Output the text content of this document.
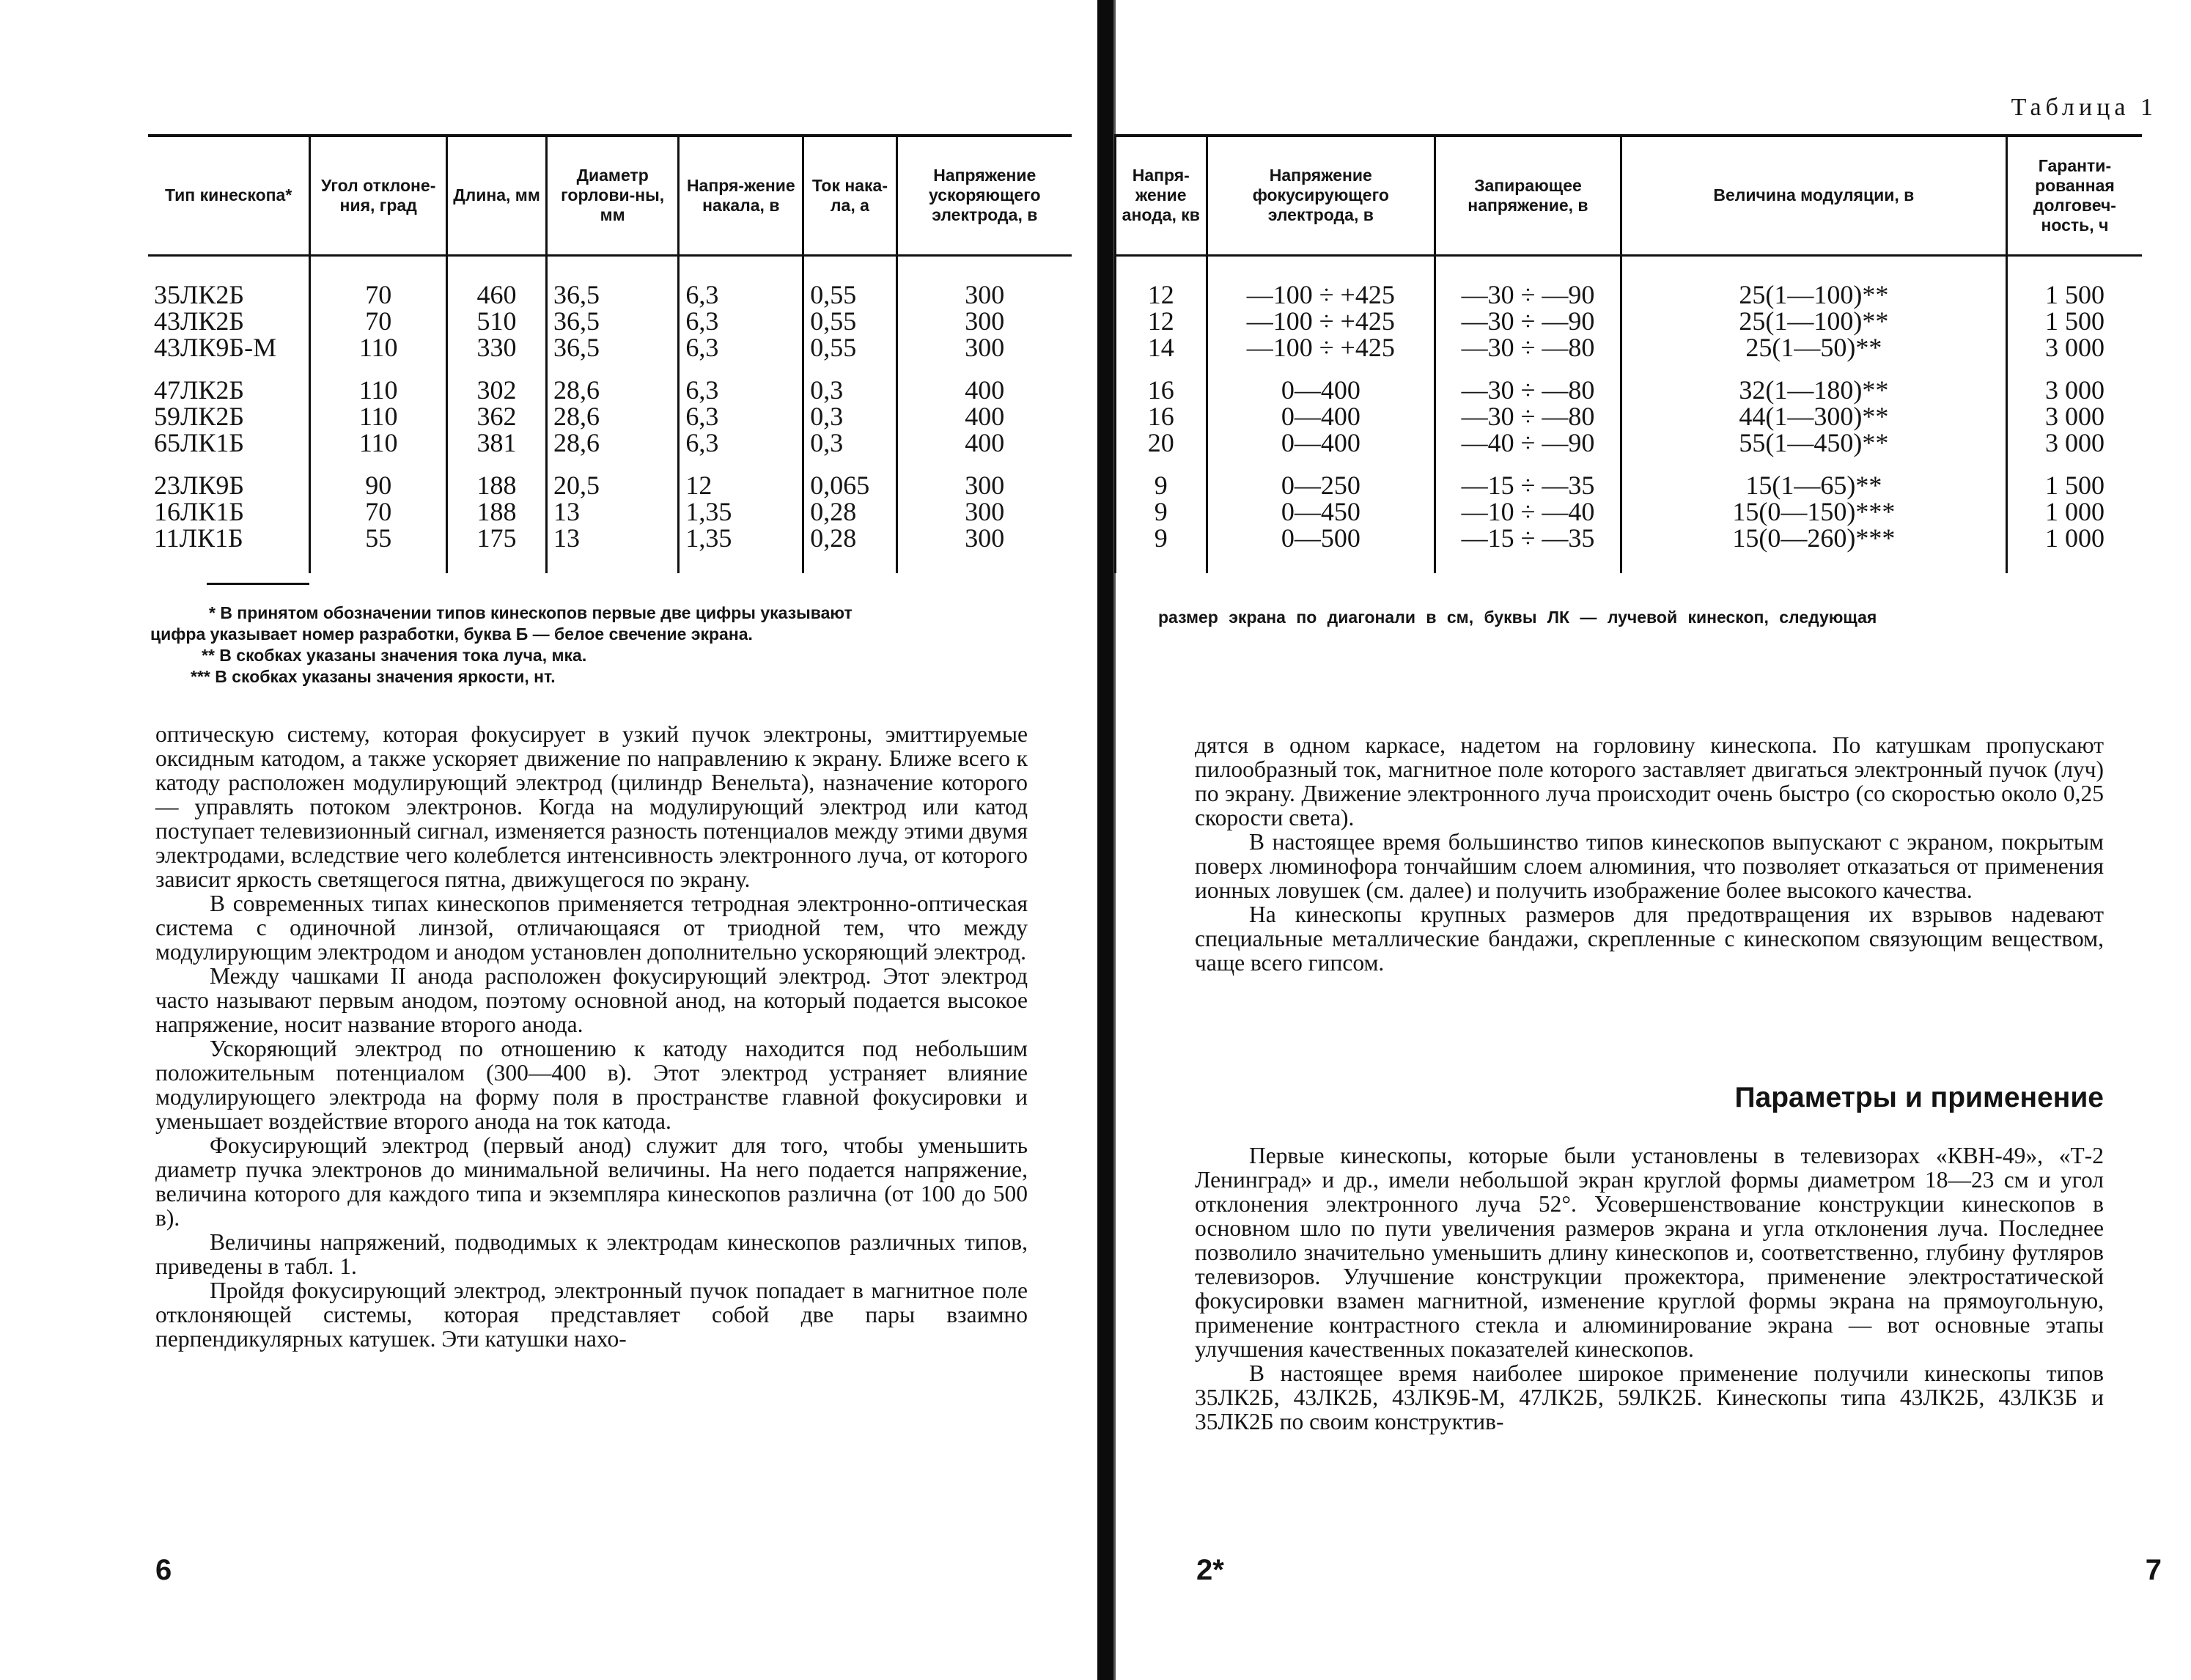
Тип кинескопа*	Угол отклоне-ния, град	Длина, мм	Диаметр горлови-ны, мм	Напря-жение накала, в	Ток нака-ла, а	Напряжение ускоряющего электрода, в
35ЛК2Б	70	460	36,5	6,3	0,55	300
43ЛК2Б	70	510	36,5	6,3	0,55	300
43ЛК9Б-М	110	330	36,5	6,3	0,55	300

47ЛК2Б	110	302	28,6	6,3	0,3	400
59ЛК2Б	110	362	28,6	6,3	0,3	400
65ЛК1Б	110	381	28,6	6,3	0,3	400

23ЛК9Б	90	188	20,5	12	0,065	300
16ЛК1Б	70	188	13	1,35	0,28	300
11ЛК1Б	55	175	13	1,35	0,28	300

* В принятом обозначении типов кинескопов первые две цифры указывают

цифра указывает номер разработки, буква Б — белое свечение экрана.

** В скобках указаны значения тока луча, мка.

*** В скобках указаны значения яркости, нт.

оптическую систему, которая фокусирует в узкий пучок электроны, эмиттируемые оксидным катодом, а также ускоряет движение по направлению к экрану. Ближе всего к катоду расположен модулирующий электрод (цилиндр Венельта), назначение которого — управлять потоком электронов. Когда на модулирующий электрод или катод поступает телевизионный сигнал, изменяется разность потенциалов между этими двумя электродами, вследствие чего колеблется интенсивность электронного луча, от которого зависит яркость светящегося пятна, движущегося по экрану.

В современных типах кинескопов применяется тетродная электронно-оптическая система с одиночной линзой, отличающаяся от триодной тем, что между модулирующим электродом и анодом установлен дополнительно ускоряющий электрод.

Между чашками II анода расположен фокусирующий электрод. Этот электрод часто называют первым анодом, поэтому основной анод, на который подается высокое напряжение, носит название второго анода.

Ускоряющий электрод по отношению к катоду находится под небольшим положительным потенциалом (300—400 в). Этот электрод устраняет влияние модулирующего электрода на форму поля в пространстве главной фокусировки и уменьшает воздействие второго анода на ток катода.

Фокусирующий электрод (первый анод) служит для того, чтобы уменьшить диаметр пучка электронов до минимальной величины. На него подается напряжение, величина которого для каждого типа и экземпляра кинескопов различна (от 100 до 500 в).

Величины напряжений, подводимых к электродам кинескопов различных типов, приведены в табл. 1.

Пройдя фокусирующий электрод, электронный пучок попадает в магнитное поле отклоняющей системы, которая представляет собой две пары взаимно перпендикулярных катушек. Эти катушки нахо-

6
Таблица 1
Напря-жение анода, кв	Напряжение фокусирующего электрода, в	Запирающее напряжение, в	Величина модуляции, в	Гаранти-рованная долговеч-ность, ч
12	—100 ÷ +425	—30 ÷ —90	25(1—100)**	1 500
12	—100 ÷ +425	—30 ÷ —90	25(1—100)**	1 500
14	—100 ÷ +425	—30 ÷ —80	25(1—50)**	3 000

16	0—400	—30 ÷ —80	32(1—180)**	3 000
16	0—400	—30 ÷ —80	44(1—300)**	3 000
20	0—400	—40 ÷ —90	55(1—450)**	3 000

9	0—250	—15 ÷ —35	15(1—65)**	1 500
9	0—450	—10 ÷ —40	15(0—150)***	1 000
9	0—500	—15 ÷ —35	15(0—260)***	1 000
размер экрана по диагонали в см, буквы ЛК — лучевой кинескоп, следующая

дятся в одном каркасе, надетом на горловину кинескопа. По катушкам пропускают пилообразный ток, магнитное поле которого заставляет двигаться электронный пучок (луч) по экрану. Движение электронного луча происходит очень быстро (со скоростью около 0,25 скорости света).

В настоящее время большинство типов кинескопов выпускают с экраном, покрытым поверх люминофора тончайшим слоем алюминия, что позволяет отказаться от применения ионных ловушек (см. далее) и получить изображение более высокого качества.

На кинескопы крупных размеров для предотвращения их взрывов надевают специальные металлические бандажи, скрепленные с кинескопом связующим веществом, чаще всего гипсом.

Параметры и применение

Первые кинескопы, которые были установлены в телевизорах «КВН-49», «Т-2 Ленинград» и др., имели небольшой экран круглой формы диаметром 18—23 см и угол отклонения электронного луча 52°. Усовершенствование конструкции кинескопов в основном шло по пути увеличения размеров экрана и угла отклонения луча. Последнее позволило значительно уменьшить длину кинескопов и, соответственно, глубину футляров телевизоров. Улучшение конструкции прожектора, применение электростатической фокусировки взамен магнитной, изменение круглой формы экрана на прямоугольную, применение контрастного стекла и алюминирование экрана — вот основные этапы улучшения качественных показателей кинескопов.

В настоящее время наиболее широкое применение получили кинескопы типов 35ЛК2Б, 43ЛК2Б, 43ЛК9Б-М, 47ЛК2Б, 59ЛК2Б. Кинескопы типа 43ЛК2Б, 43ЛК3Б и 35ЛК2Б по своим конструктив-

2*	7
